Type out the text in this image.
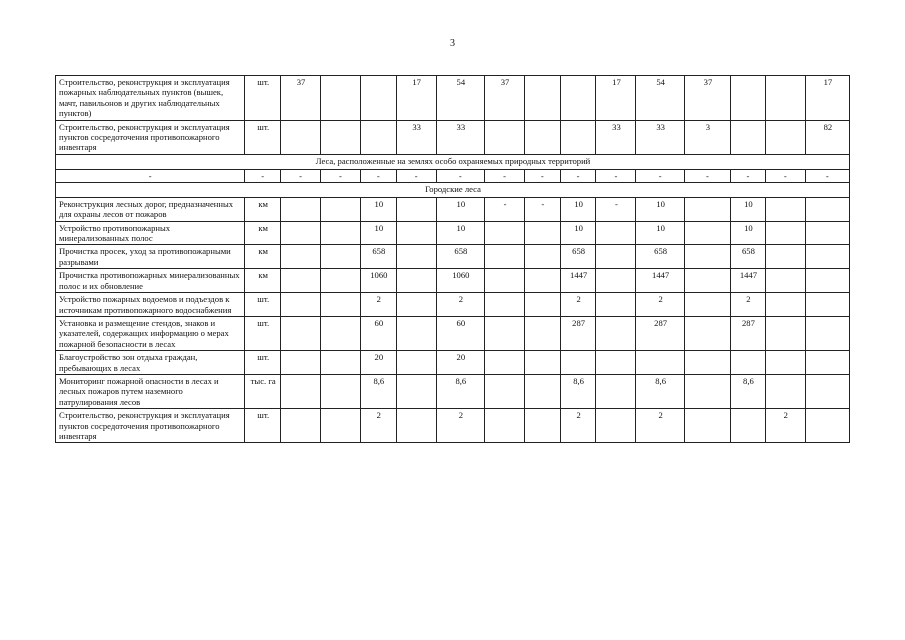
3
Строительство, реконструкция и эксплуатация пожарных наблюдательных пунктов (вышек, мачт, павильонов и других наблюдательных пунктов)	шт.	37			17	54	37			17	54	37			17
Строительство, реконструкция и эксплуатация пунктов сосредоточения противопожарного инвентаря	шт.				33	33				33	33	3			82
Леса, расположенные на землях особо охраняемых природных территорий															
-	-	-	-	-	-	-	-	-	-	-	-	-	-	-	-
Городские леса															
Реконструкция лесных дорог, предназначенных для охраны лесов от пожаров	км			10		10	-	-	10	-	10		10		
Устройство противопожарных минерализованных полос	км			10		10			10		10		10		
Прочистка просек, уход за противопожарными разрывами	км			658		658			658		658		658		
Прочистка противопожарных минерализованных полос и их обновление	км			1060		1060			1447		1447		1447		
Устройство пожарных водоемов и подъездов к источникам противопожарного водоснабжения	шт.			2		2			2		2		2		
Установка и размещение стендов, знаков и указателей, содержащих информацию о мерах пожарной безопасности в лесах	шт.			60		60			287		287		287		
Благоустройство зон отдыха граждан, пребывающих в лесах	шт.			20		20									
Мониторинг пожарной опасности в лесах и лесных пожаров путем наземного патрулирования лесов	тыс. га			8,6		8,6			8,6		8,6		8,6		
Строительство, реконструкция и эксплуатация пунктов сосредоточения противопожарного инвентаря	шт.			2		2			2		2			2	
